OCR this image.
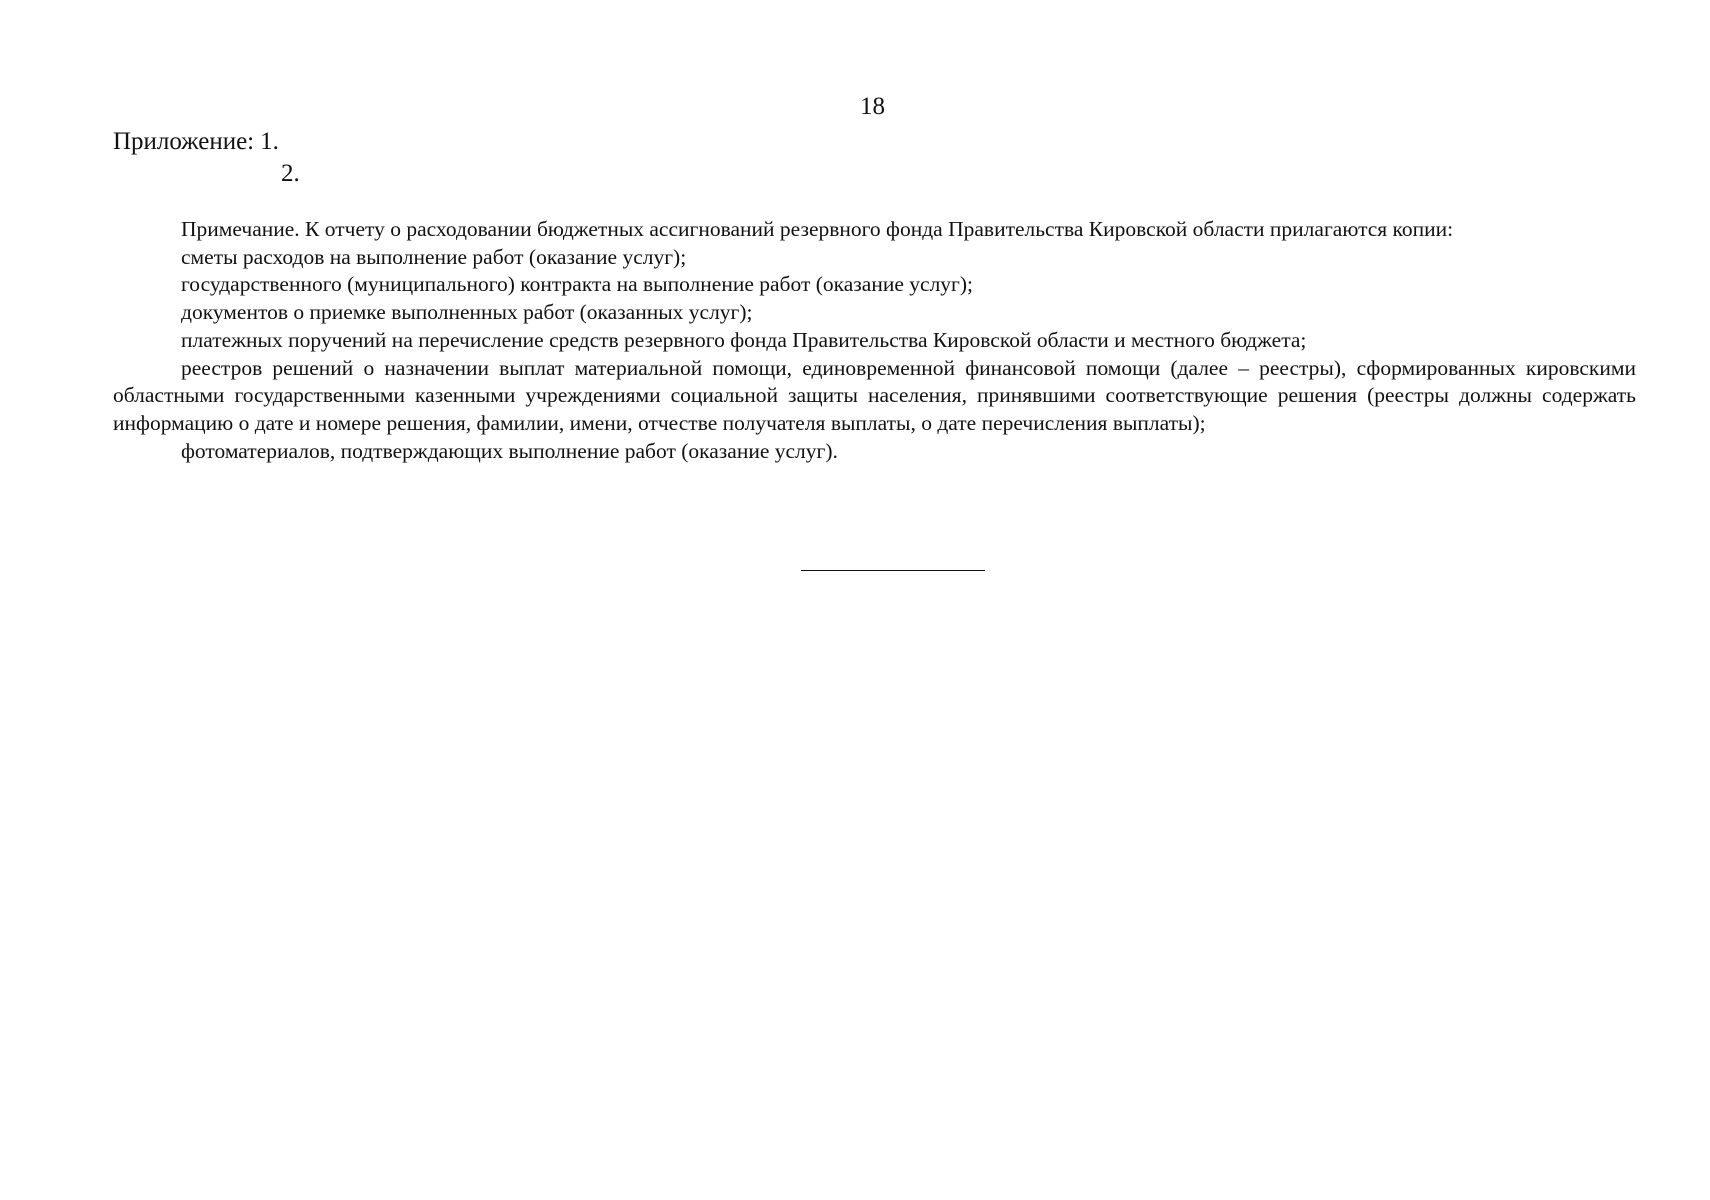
18
Приложение: 1.
2.

Примечание. К отчету о расходовании бюджетных ассигнований резервного фонда Правительства Кировской области прилагаются копии:

сметы расходов на выполнение работ (оказание услуг);

государственного (муниципального) контракта на выполнение работ (оказание услуг);

документов о приемке выполненных работ (оказанных услуг);

платежных поручений на перечисление средств резервного фонда Правительства Кировской области и местного бюджета;

реестров решений о назначении выплат материальной помощи, единовременной финансовой помощи (далее – реестры), сформированных кировскими областными государственными казенными учреждениями социальной защиты населения, принявшими соответствующие решения (реестры должны содержать информацию о дате и номере решения, фамилии, имени, отчестве получателя выплаты, о дате перечисления выплаты);

фотоматериалов, подтверждающих выполнение работ (оказание услуг).
